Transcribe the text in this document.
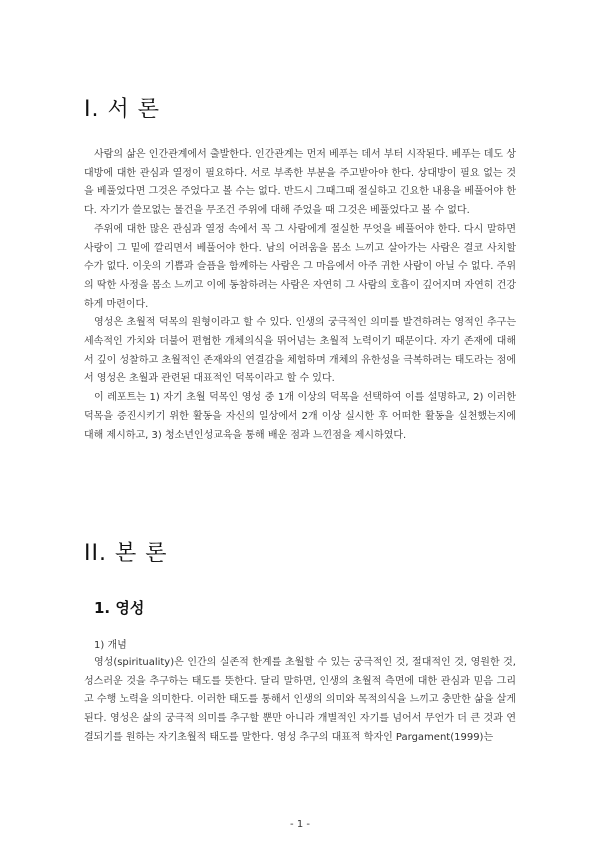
I. 서 론

사람의 삶은 인간관계에서 출발한다. 인간관계는 먼저 베푸는 데서 부터 시작된다. 베푸는 데도 상대방에 대한 관심과 열정이 필요하다. 서로 부족한 부분을 주고받아야 한다. 상대방이 필요 없는 것을 베풀었다면 그것은 주었다고 볼 수는 없다. 반드시 그때그때 절실하고 긴요한 내용을 베풀어야 한다. 자기가 쓸모없는 물건을 무조건 주위에 대해 주었을 때 그것은 베풀었다고 볼 수 없다.

주위에 대한 많은 관심과 열정 속에서 꼭 그 사람에게 절실한 무엇을 베풀어야 한다. 다시 말하면 사랑이 그 밑에 깔리면서 베풀어야 한다. 남의 어려움을 몸소 느끼고 살아가는 사람은 결코 사치할 수가 없다. 이웃의 기쁨과 슬픔을 함께하는 사람은 그 마음에서 아주 귀한 사람이 아닐 수 없다. 주위의 딱한 사정을 몸소 느끼고 이에 동참하려는 사람은 자연히 그 사람의 호흡이 깊어지며 자연히 건강하게 마련이다.

영성은 초월적 덕목의 원형이라고 할 수 있다. 인생의 궁극적인 의미를 발견하려는 영적인 추구는 세속적인 가치와 더불어 편협한 개체의식을 뛰어넘는 초월적 노력이기 때문이다. 자기 존재에 대해서 깊이 성찰하고 초월적인 존재와의 연결감을 체험하며 개체의 유한성을 극복하려는 태도라는 점에서 영성은 초월과 관련된 대표적인 덕목이라고 할 수 있다.

이 레포트는 1) 자기 초월 덕목인 영성 중 1개 이상의 덕목을 선택하여 이를 설명하고, 2) 이러한 덕목을 증진시키기 위한 활동을 자신의 일상에서 2개 이상 실시한 후 어떠한 활동을 실천했는지에 대해 제시하고, 3) 청소년인성교육을 통해 배운 점과 느낀점을 제시하였다.

II. 본 론
1. 영성
1) 개념

영성(spirituality)은 인간의 실존적 한계를 초월할 수 있는 궁극적인 것, 절대적인 것, 영원한 것, 성스러운 것을 추구하는 태도를 뜻한다. 달리 말하면, 인생의 초월적 측면에 대한 관심과 믿음 그리고 수행 노력을 의미한다. 이러한 태도를 통해서 인생의 의미와 목적의식을 느끼고 충만한 삶을 살게 된다. 영성은 삶의 궁극적 의미를 추구할 뿐만 아니라 개별적인 자기를 넘어서 무언가 더 큰 것과 연결되기를 원하는 자기초월적 태도를 말한다. 영성 추구의 대표적 학자인 Pargament(1999)는

- 1 -
